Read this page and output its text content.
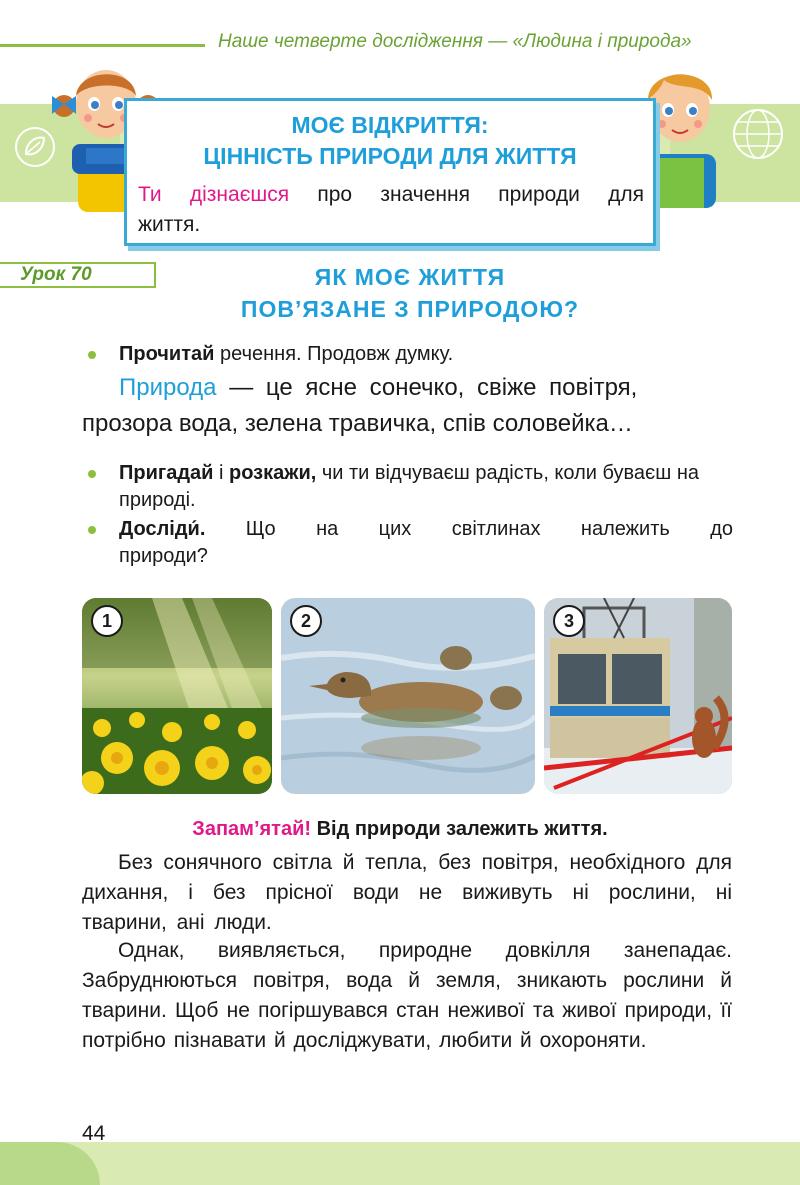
Наше четверте дослідження — «Людина і природа»
МОЄ ВІДКРИТТЯ:
ЦІННІСТЬ ПРИРОДИ ДЛЯ ЖИТТЯ
Ти дізнаєшся про значення природи для життя.
Урок 70	ЯК МОЄ ЖИТТЯ
ПОВ’ЯЗАНЕ З ПРИРОДОЮ?
Прочитай речення. Продовж думку.
Природа — це ясне сонечко, свіже повітря,
прозора вода, зелена травичка, спів соловейка…
Пригадай і розкажи, чи ти відчуваєш радість, коли буваєш на природі.
Досліди́. Що на цих світлинах належить до природи?
1	2	3
Запам’ятай! Від природи залежить життя.
Без сонячного світла й тепла, без повітря, необхідного для дихання, і без прісної води не виживуть ні рослини, ні тварини, ані люди.
Однак, виявляється, природне довкілля занепадає. Забруднюються повітря, вода й земля, зникають рослини й тварини. Щоб не погіршувався стан неживої та живої природи, її потрібно пізнавати й досліджувати, любити й охороняти.
44
